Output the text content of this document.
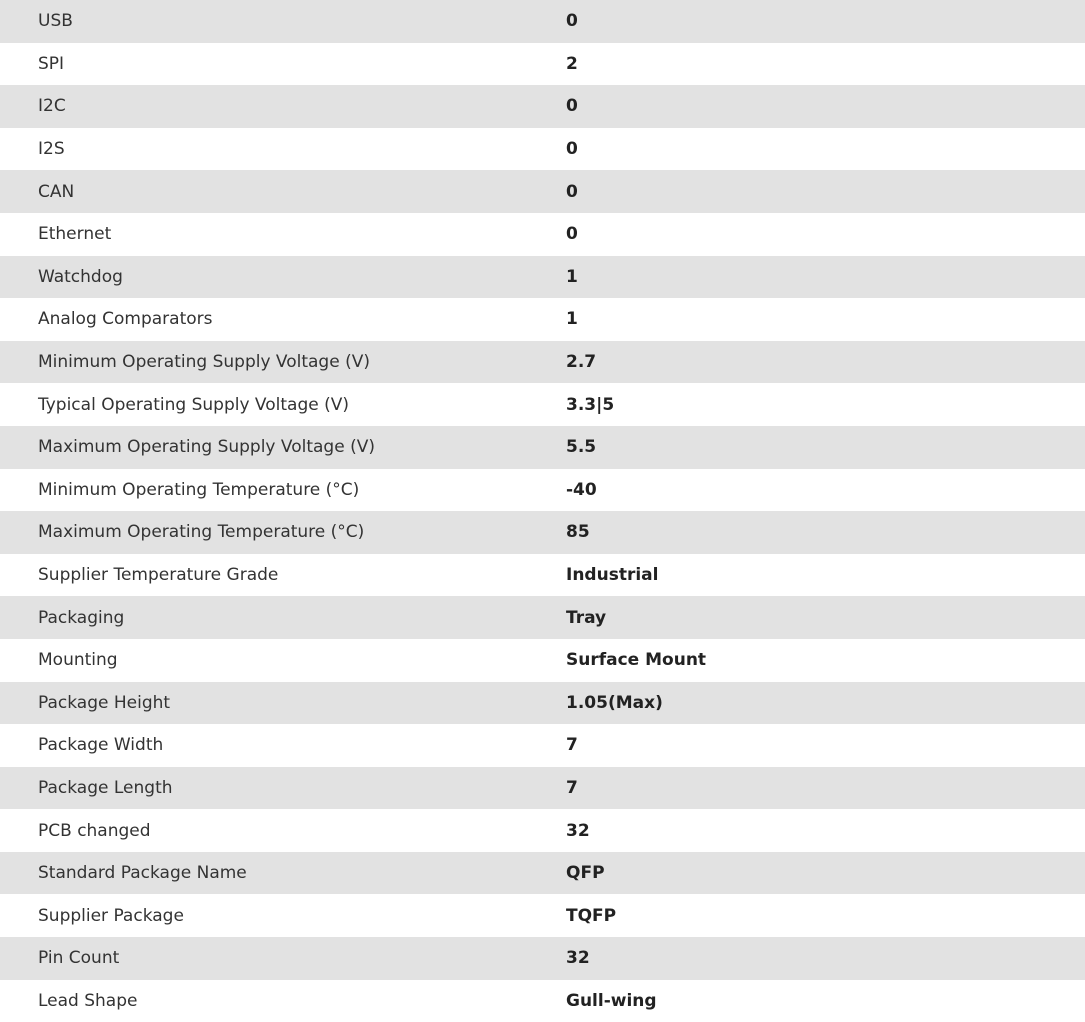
USB	0
SPI	2
I2C	0
I2S	0
CAN	0
Ethernet	0
Watchdog	1
Analog Comparators	1
Minimum Operating Supply Voltage (V)	2.7
Typical Operating Supply Voltage (V)	3.3|5
Maximum Operating Supply Voltage (V)	5.5
Minimum Operating Temperature (°C)	-40
Maximum Operating Temperature (°C)	85
Supplier Temperature Grade	Industrial
Packaging	Tray
Mounting	Surface Mount
Package Height	1.05(Max)
Package Width	7
Package Length	7
PCB changed	32
Standard Package Name	QFP
Supplier Package	TQFP
Pin Count	32
Lead Shape	Gull-wing
